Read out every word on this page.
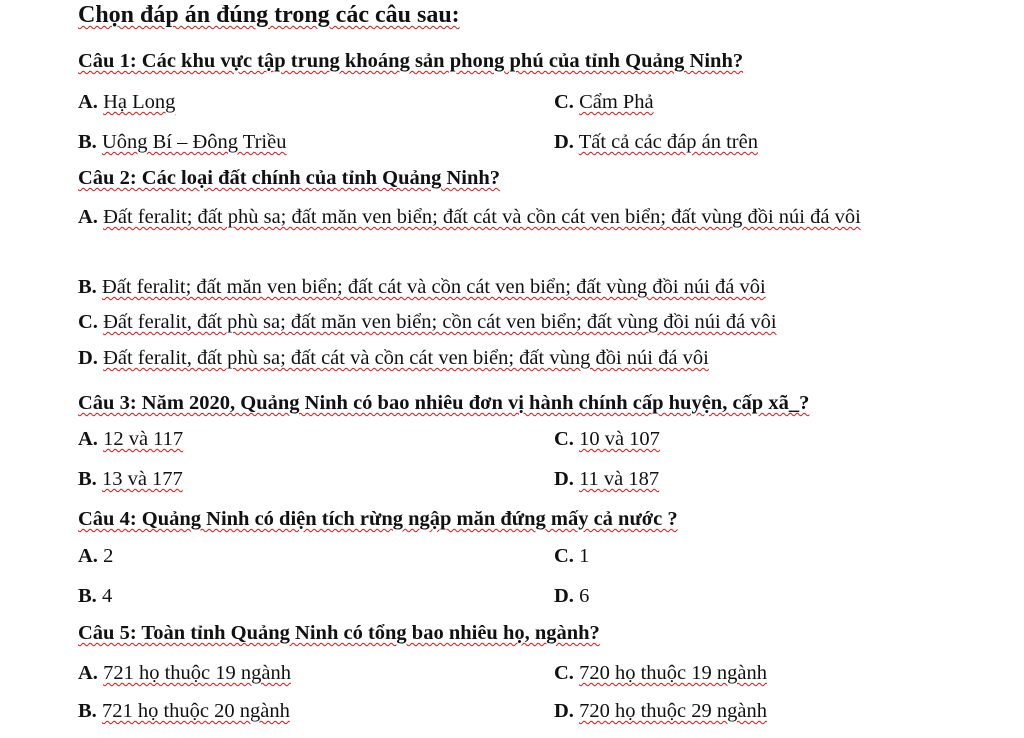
Chọn đáp án đúng trong các câu sau:
Câu 1: Các khu vực tập trung khoáng sản phong phú của tỉnh Quảng Ninh?
A. Hạ Long	C. Cẩm Phả
B. Uông Bí – Đông Triều	D. Tất cả các đáp án trên
Câu 2: Các loại đất chính của tỉnh Quảng Ninh?
A. Đất feralit; đất phù sa; đất măn ven biển; đất cát và cồn cát ven biển; đất vùng đồi núi đá vôi
B. Đất feralit; đất măn ven biển; đất cát và cồn cát ven biển; đất vùng đồi núi đá vôi
C. Đất feralit, đất phù sa; đất măn ven biển; cồn cát ven biển; đất vùng đồi núi đá vôi
D. Đất feralit, đất phù sa; đất cát và cồn cát ven biển; đất vùng đồi núi đá vôi
Câu 3: Năm 2020, Quảng Ninh có bao nhiêu đơn vị hành chính cấp huyện, cấp xã_?
A. 12 và 117	C. 10 và 107
B. 13 và 177	D. 11 và 187
Câu 4: Quảng Ninh có diện tích rừng ngập măn đứng mấy cả nước ?
A. 2	C. 1
B. 4	D. 6
Câu 5: Toàn tỉnh Quảng Ninh có tổng bao nhiêu họ, ngành?
A. 721 họ thuộc 19 ngành	C. 720 họ thuộc 19 ngành
B. 721 họ thuộc 20 ngành	D. 720 họ thuộc 29 ngành
